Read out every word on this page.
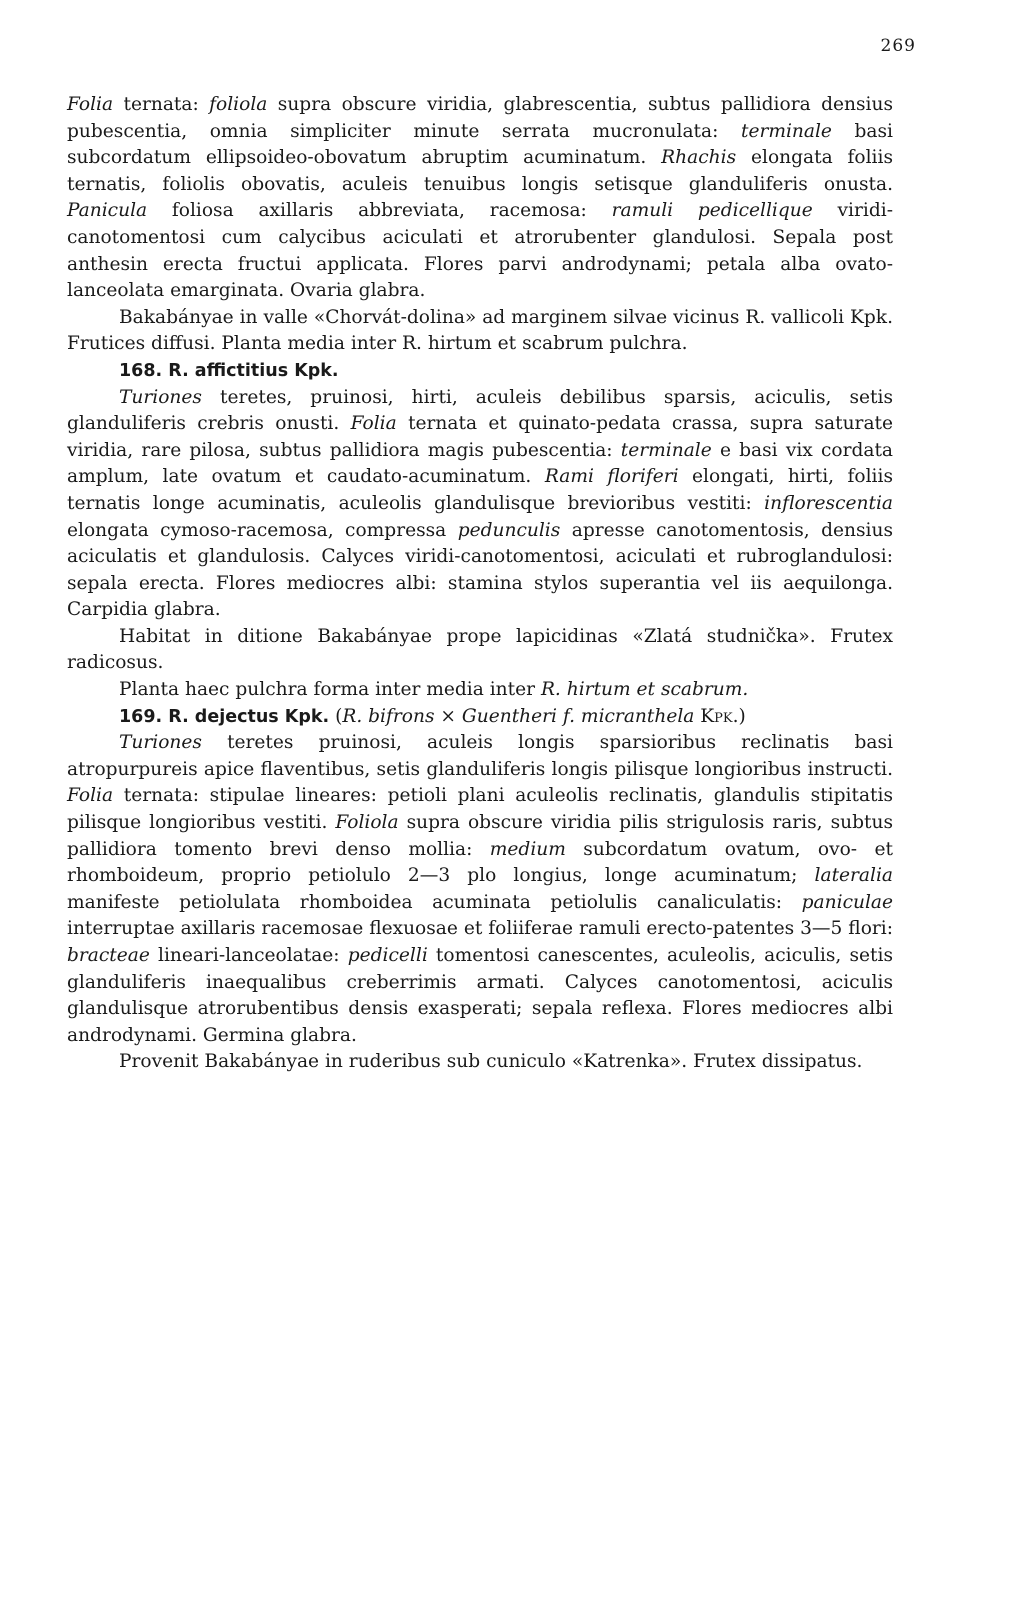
269

Folia ternata: foliola supra obscure viridia, glabrescentia, subtus pallidiora densius pubescentia, omnia simpliciter minute serrata mucronulata: terminale basi subcordatum ellipsoideo-obovatum abruptim acuminatum. Rhachis elongata foliis ternatis, foliolis obovatis, aculeis tenuibus longis setisque glanduliferis onusta. Panicula foliosa axillaris abbreviata, racemosa: ramuli pedicellique viridi-canotomentosi cum calycibus aciculati et atrorubenter glandulosi. Sepala post anthesin erecta fructui applicata. Flores parvi androdynami; petala alba ovato-lanceolata emarginata. Ovaria glabra.

Bakabányae in valle «Chorvát-dolina» ad marginem silvae vicinus R. vallicoli Kpk. Frutices diffusi. Planta media inter R. hirtum et scabrum pulchra.

168. R. affictitius Kpk.

Turiones teretes, pruinosi, hirti, aculeis debilibus sparsis, aciculis, setis glanduliferis crebris onusti. Folia ternata et quinato-pedata crassa, supra saturate viridia, rare pilosa, subtus pallidiora magis pubescentia: terminale e basi vix cordata amplum, late ovatum et caudato-acuminatum. Rami floriferi elongati, hirti, foliis ternatis longe acuminatis, aculeolis glandulisque brevioribus vestiti: inflorescentia elongata cymoso-racemosa, compressa pedunculis apresse canotomentosis, densius aciculatis et glandulosis. Calyces viridi-canotomentosi, aciculati et rubroglandulosi: sepala erecta. Flores mediocres albi: stamina stylos superantia vel iis aequilonga. Carpidia glabra.

Habitat in ditione Bakabányae prope lapicidinas «Zlatá studnička». Frutex radicosus.

Planta haec pulchra forma inter media inter R. hirtum et scabrum.

169. R. dejectus Kpk. (R. bifrons × Guentheri f. micranthela Kpk.)

Turiones teretes pruinosi, aculeis longis sparsioribus reclinatis basi atropurpureis apice flaventibus, setis glanduliferis longis pilisque longioribus instructi. Folia ternata: stipulae lineares: petioli plani aculeolis reclinatis, glandulis stipitatis pilisque longioribus vestiti. Foliola supra obscure viridia pilis strigulosis raris, subtus pallidiora tomento brevi denso mollia: medium subcordatum ovatum, ovo- et rhomboideum, proprio petiolulo 2—3 plo longius, longe acuminatum; lateralia manifeste petiolulata rhomboidea acuminata petiolulis canaliculatis: paniculae interruptae axillaris racemosae flexuosae et foliiferae ramuli erecto-patentes 3—5 flori: bracteae lineari-lanceolatae: pedicelli tomentosi canescentes, aculeolis, aciculis, setis glanduliferis inaequalibus creberrimis armati. Calyces canotomentosi, aciculis glandulisque atrorubentibus densis exasperati; sepala reflexa. Flores mediocres albi androdynami. Germina glabra.

Provenit Bakabányae in ruderibus sub cuniculo «Katrenka». Frutex dissipatus.
